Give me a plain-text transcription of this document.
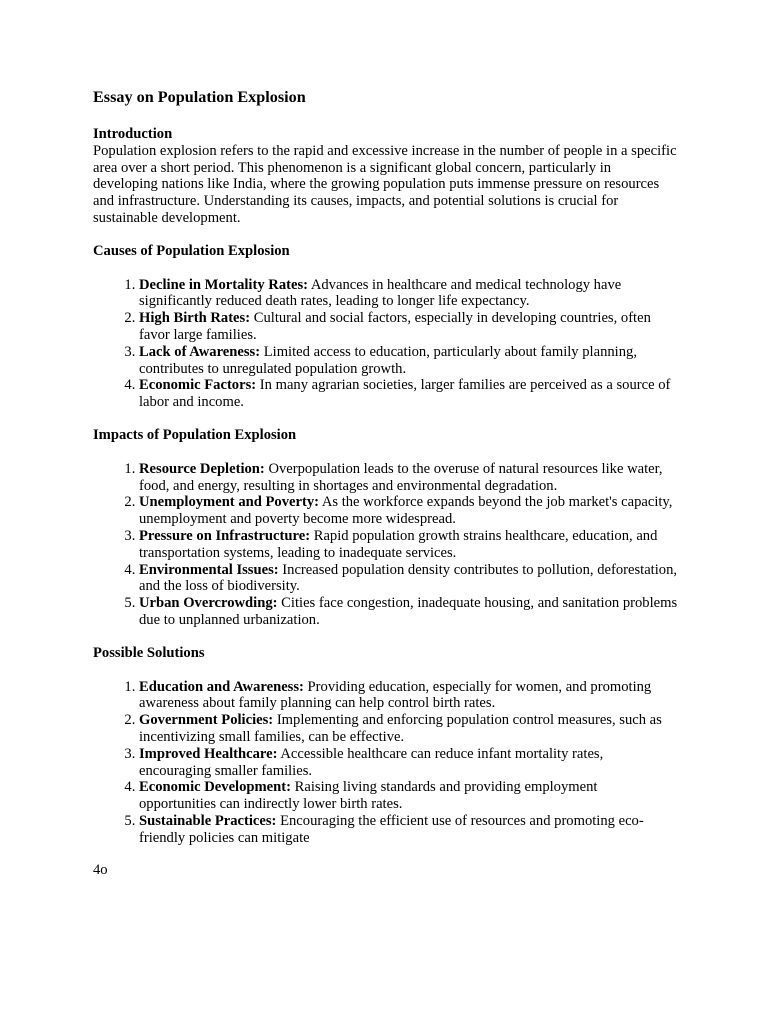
Essay on Population Explosion
Introduction

Population explosion refers to the rapid and excessive increase in the number of people in a specific area over a short period. This phenomenon is a significant global concern, particularly in developing nations like India, where the growing population puts immense pressure on resources and infrastructure. Understanding its causes, impacts, and potential solutions is crucial for sustainable development.

Causes of Population Explosion
1. Decline in Mortality Rates: Advances in healthcare and medical technology have significantly reduced death rates, leading to longer life expectancy.
2. High Birth Rates: Cultural and social factors, especially in developing countries, often favor large families.
3. Lack of Awareness: Limited access to education, particularly about family planning, contributes to unregulated population growth.
4. Economic Factors: In many agrarian societies, larger families are perceived as a source of labor and income.
Impacts of Population Explosion
1. Resource Depletion: Overpopulation leads to the overuse of natural resources like water, food, and energy, resulting in shortages and environmental degradation.
2. Unemployment and Poverty: As the workforce expands beyond the job market's capacity, unemployment and poverty become more widespread.
3. Pressure on Infrastructure: Rapid population growth strains healthcare, education, and transportation systems, leading to inadequate services.
4. Environmental Issues: Increased population density contributes to pollution, deforestation, and the loss of biodiversity.
5. Urban Overcrowding: Cities face congestion, inadequate housing, and sanitation problems due to unplanned urbanization.
Possible Solutions
1. Education and Awareness: Providing education, especially for women, and promoting awareness about family planning can help control birth rates.
2. Government Policies: Implementing and enforcing population control measures, such as incentivizing small families, can be effective.
3. Improved Healthcare: Accessible healthcare can reduce infant mortality rates, encouraging smaller families.
4. Economic Development: Raising living standards and providing employment opportunities can indirectly lower birth rates.
5. Sustainable Practices: Encouraging the efficient use of resources and promoting eco-friendly policies can mitigate
4o
